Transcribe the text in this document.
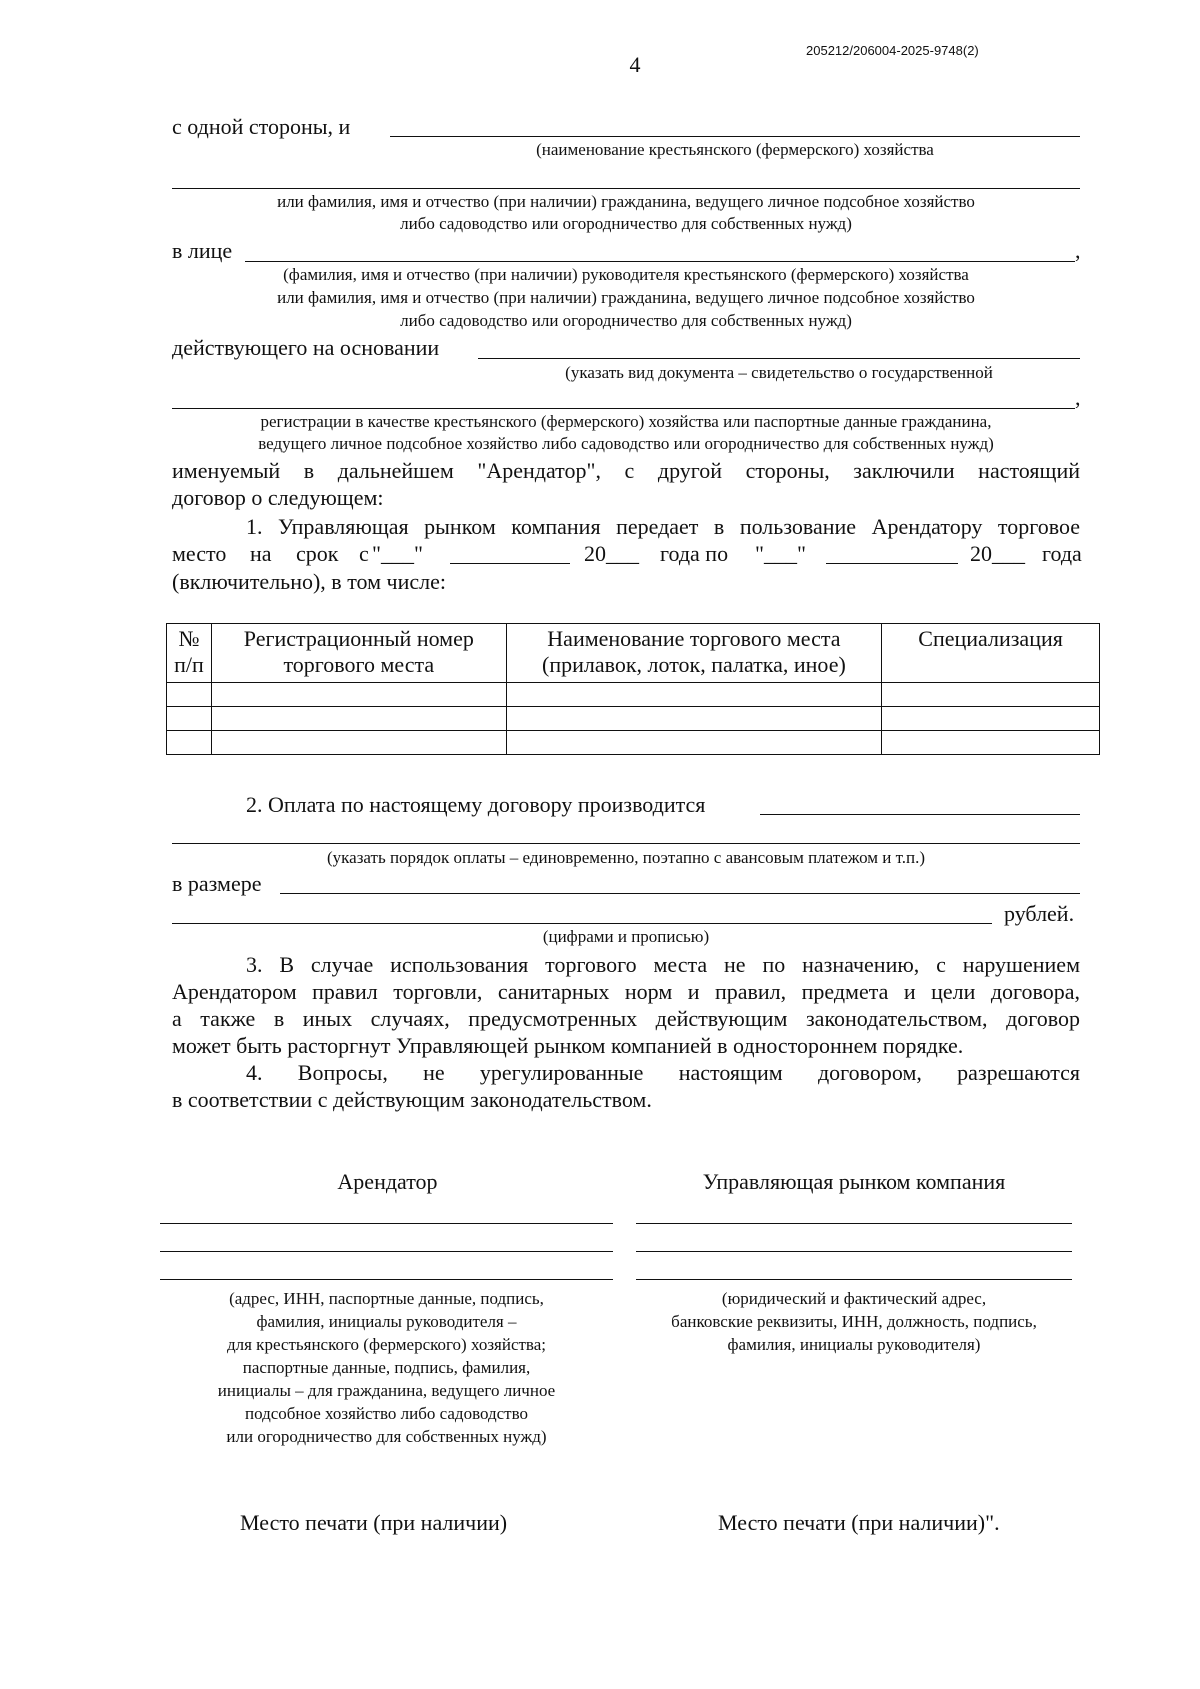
4
205212/206004-2025-9748(2)
с одной стороны, и
(наименование крестьянского (фермерского) хозяйства
или фамилия, имя и отчество (при наличии) гражданина, ведущего личное подсобное хозяйство
либо садоводство или огородничество для собственных нужд)
в лице	,
(фамилия, имя и отчество (при наличии) руководителя крестьянского (фермерского) хозяйства
или фамилия, имя и отчество (при наличии) гражданина, ведущего личное подсобное хозяйство
либо садоводство или огородничество для собственных нужд)
действующего на основании
(указать вид документа – свидетельство о государственной
,
регистрации в качестве крестьянского (фермерского) хозяйства или паспортные данные гражданина,
ведущего личное подсобное хозяйство либо садоводство или огородничество для собственных нужд)
именуемый в дальнейшем "Арендатор", с другой стороны, заключили настоящий
договор о следующем:
1. Управляющая рынком компания передает в пользование Арендатору торговое
место на срок с "___"	20___ года по "___"	20___ года
(включительно), в том числе:
№ п/п	Регистрационный номер торгового места	Наименование торгового места (прилавок, лоток, палатка, иное)	Специализация

2. Оплата по настоящему договору производится
(указать порядок оплаты – единовременно, поэтапно с авансовым платежом и т.п.)
в размере
рублей.
(цифрами и прописью)
3. В случае использования торгового места не по назначению, с нарушением
Арендатором правил торговли, санитарных норм и правил, предмета и цели договора,
а также в иных случаях, предусмотренных действующим законодательством, договор
может быть расторгнут Управляющей рынком компанией в одностороннем порядке.
4. Вопросы, не урегулированные настоящим договором, разрешаются
в соответствии с действующим законодательством.
Арендатор	Управляющая рынком компания
(адрес, ИНН, паспортные данные, подпись,
фамилия, инициалы руководителя –
для крестьянского (фермерского) хозяйства;
паспортные данные, подпись, фамилия,
инициалы – для гражданина, ведущего личное
подсобное хозяйство либо садоводство
или огородничество для собственных нужд)
(юридический и фактический адрес,
банковские реквизиты, ИНН, должность, подпись,
фамилия, инициалы руководителя)
Место печати (при наличии)	Место печати (при наличии)".
